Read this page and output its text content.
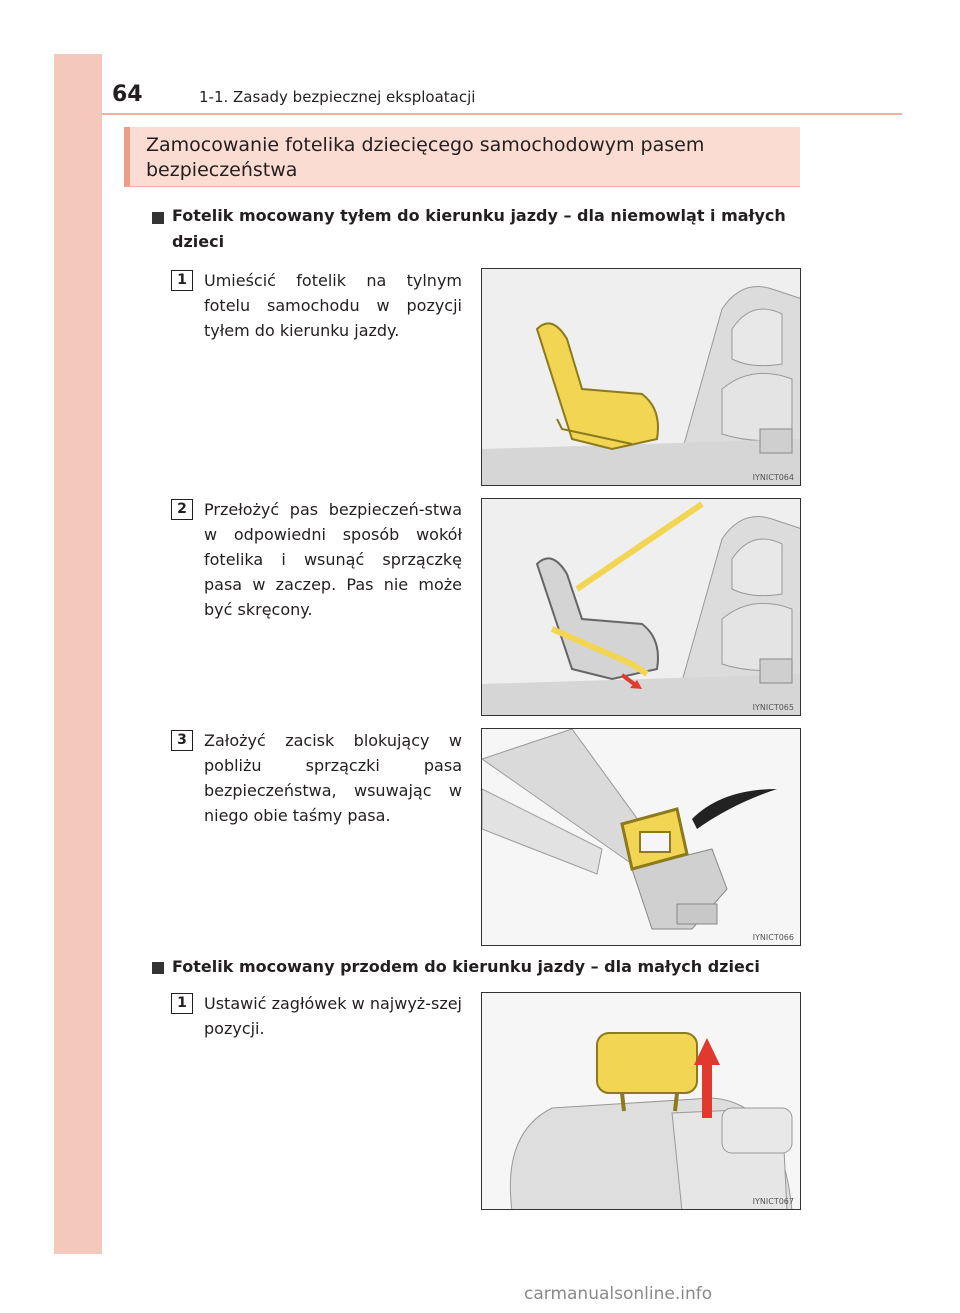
64	1-1. Zasady bezpiecznej eksploatacji
Zamocowanie fotelika dziecięcego samochodowym pasem bezpieczeństwa
Fotelik mocowany tyłem do kierunku jazdy – dla niemowląt i małych dzieci
1	Umieścić fotelik na tylnym fotelu samochodu w pozycji tyłem do kierunku jazdy.
IYNICT064
2	Przełożyć pas bezpieczeń-stwa w odpowiedni sposób wokół fotelika i wsunąć sprzączkę pasa w zaczep. Pas nie może być skręcony.
IYNICT065
3	Założyć zacisk blokujący w pobliżu sprzączki pasa bezpieczeństwa, wsuwając w niego obie taśmy pasa.
IYNICT066
Fotelik mocowany przodem do kierunku jazdy – dla małych dzieci
1	Ustawić zagłówek w najwyż-szej pozycji.
IYNICT067
carmanualsonline.info
